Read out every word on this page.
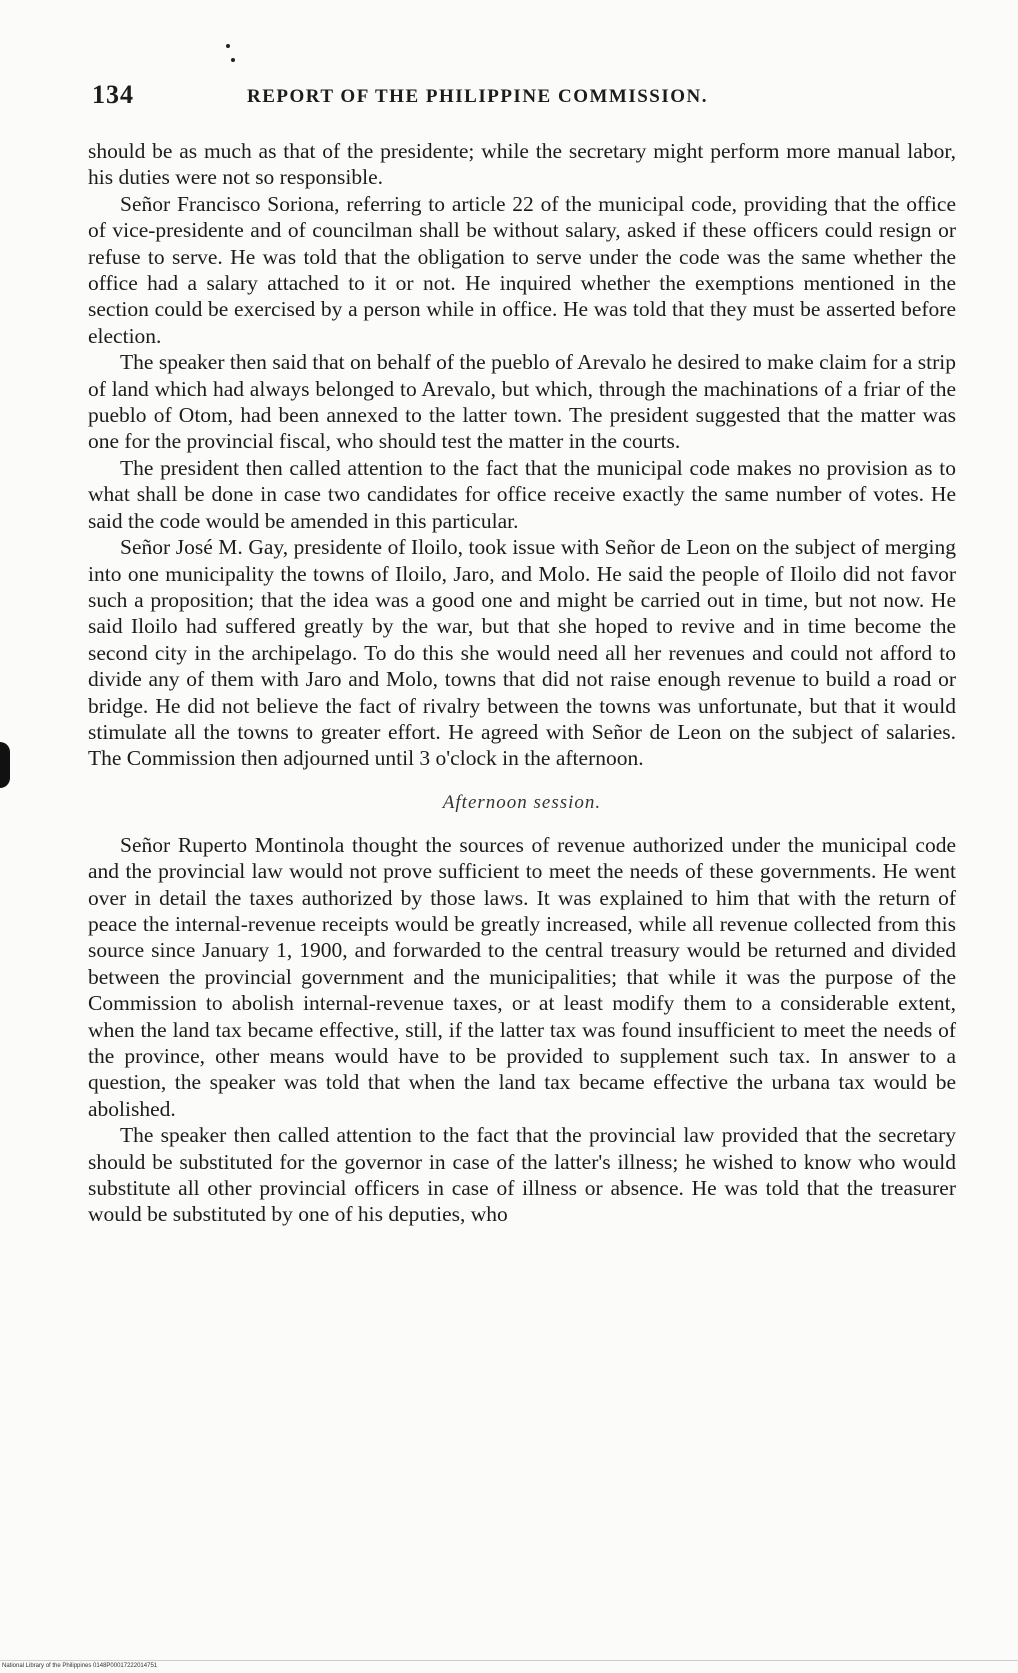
134	REPORT OF THE PHILIPPINE COMMISSION.

should be as much as that of the presidente; while the secretary might perform more manual labor, his duties were not so responsible.

Señor Francisco Soriona, referring to article 22 of the municipal code, providing that the office of vice-presidente and of councilman shall be without salary, asked if these officers could resign or refuse to serve. He was told that the obligation to serve under the code was the same whether the office had a salary attached to it or not. He inquired whether the exemptions mentioned in the section could be exercised by a person while in office. He was told that they must be asserted before election.

The speaker then said that on behalf of the pueblo of Arevalo he desired to make claim for a strip of land which had always belonged to Arevalo, but which, through the machinations of a friar of the pueblo of Otom, had been annexed to the latter town. The president suggested that the matter was one for the provincial fiscal, who should test the matter in the courts.

The president then called attention to the fact that the municipal code makes no provision as to what shall be done in case two candidates for office receive exactly the same number of votes. He said the code would be amended in this particular.

Señor José M. Gay, presidente of Iloilo, took issue with Señor de Leon on the subject of merging into one municipality the towns of Iloilo, Jaro, and Molo. He said the people of Iloilo did not favor such a proposition; that the idea was a good one and might be carried out in time, but not now. He said Iloilo had suffered greatly by the war, but that she hoped to revive and in time become the second city in the archipelago. To do this she would need all her revenues and could not afford to divide any of them with Jaro and Molo, towns that did not raise enough revenue to build a road or bridge. He did not believe the fact of rivalry between the towns was unfortunate, but that it would stimulate all the towns to greater effort. He agreed with Señor de Leon on the subject of salaries. The Commission then adjourned until 3 o'clock in the afternoon.

Afternoon session.

Señor Ruperto Montinola thought the sources of revenue authorized under the municipal code and the provincial law would not prove sufficient to meet the needs of these governments. He went over in detail the taxes authorized by those laws. It was explained to him that with the return of peace the internal-revenue receipts would be greatly increased, while all revenue collected from this source since January 1, 1900, and forwarded to the central treasury would be returned and divided between the provincial government and the municipalities; that while it was the purpose of the Commission to abolish internal-revenue taxes, or at least modify them to a considerable extent, when the land tax became effective, still, if the latter tax was found insufficient to meet the needs of the province, other means would have to be provided to supplement such tax. In answer to a question, the speaker was told that when the land tax became effective the urbana tax would be abolished.

The speaker then called attention to the fact that the provincial law provided that the secretary should be substituted for the governor in case of the latter's illness; he wished to know who would substitute all other provincial officers in case of illness or absence. He was told that the treasurer would be substituted by one of his deputies, who

National Library of the Philippines 0148P00017222014751
